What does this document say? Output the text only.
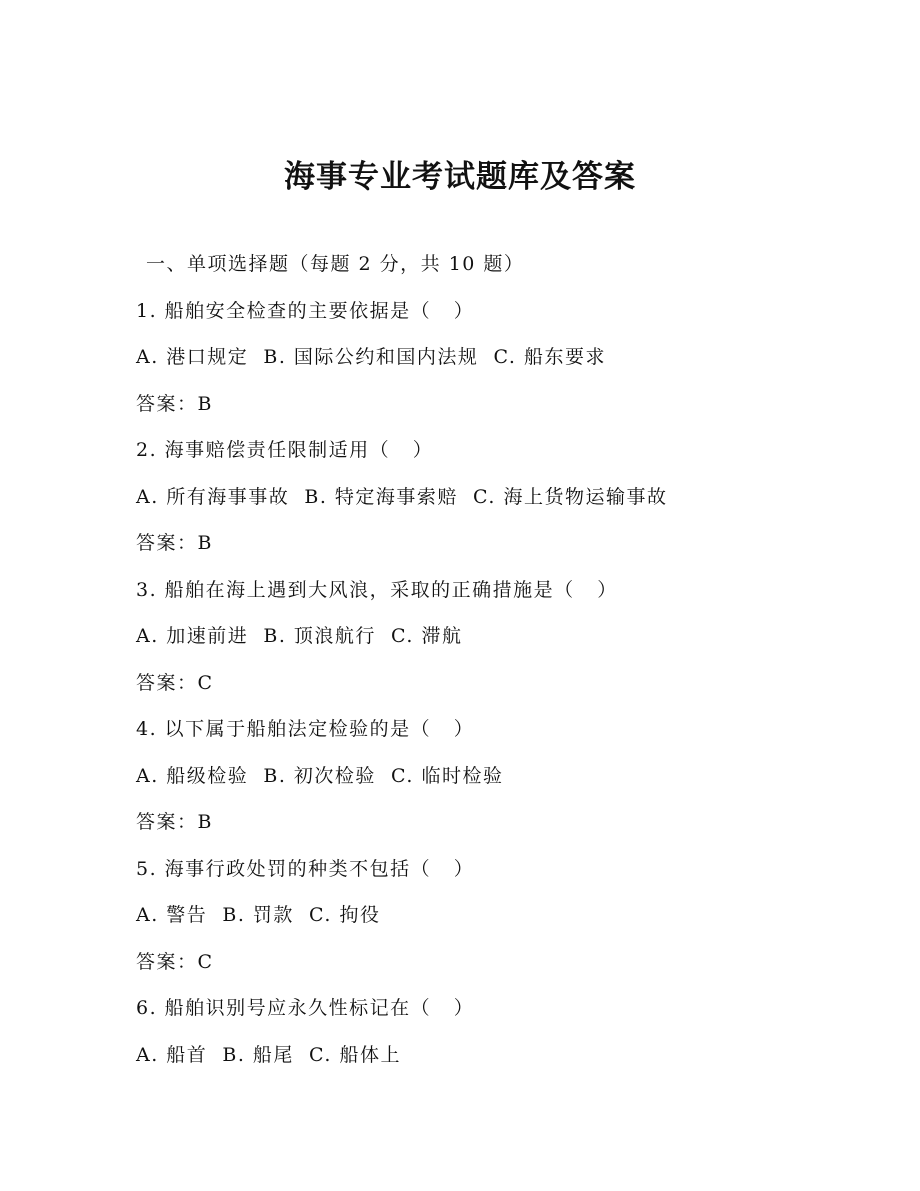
海事专业考试题库及答案
一、单项选择题（每题 2 分，共 10 题）
1. 船舶安全检查的主要依据是（   ）
A. 港口规定  B. 国际公约和国内法规  C. 船东要求
答案：B
2. 海事赔偿责任限制适用（   ）
A. 所有海事事故  B. 特定海事索赔  C. 海上货物运输事故
答案：B
3. 船舶在海上遇到大风浪，采取的正确措施是（   ）
A. 加速前进  B. 顶浪航行  C. 滞航
答案：C
4. 以下属于船舶法定检验的是（   ）
A. 船级检验  B. 初次检验  C. 临时检验
答案：B
5. 海事行政处罚的种类不包括（   ）
A. 警告  B. 罚款  C. 拘役
答案：C
6. 船舶识别号应永久性标记在（   ）
A. 船首  B. 船尾  C. 船体上
